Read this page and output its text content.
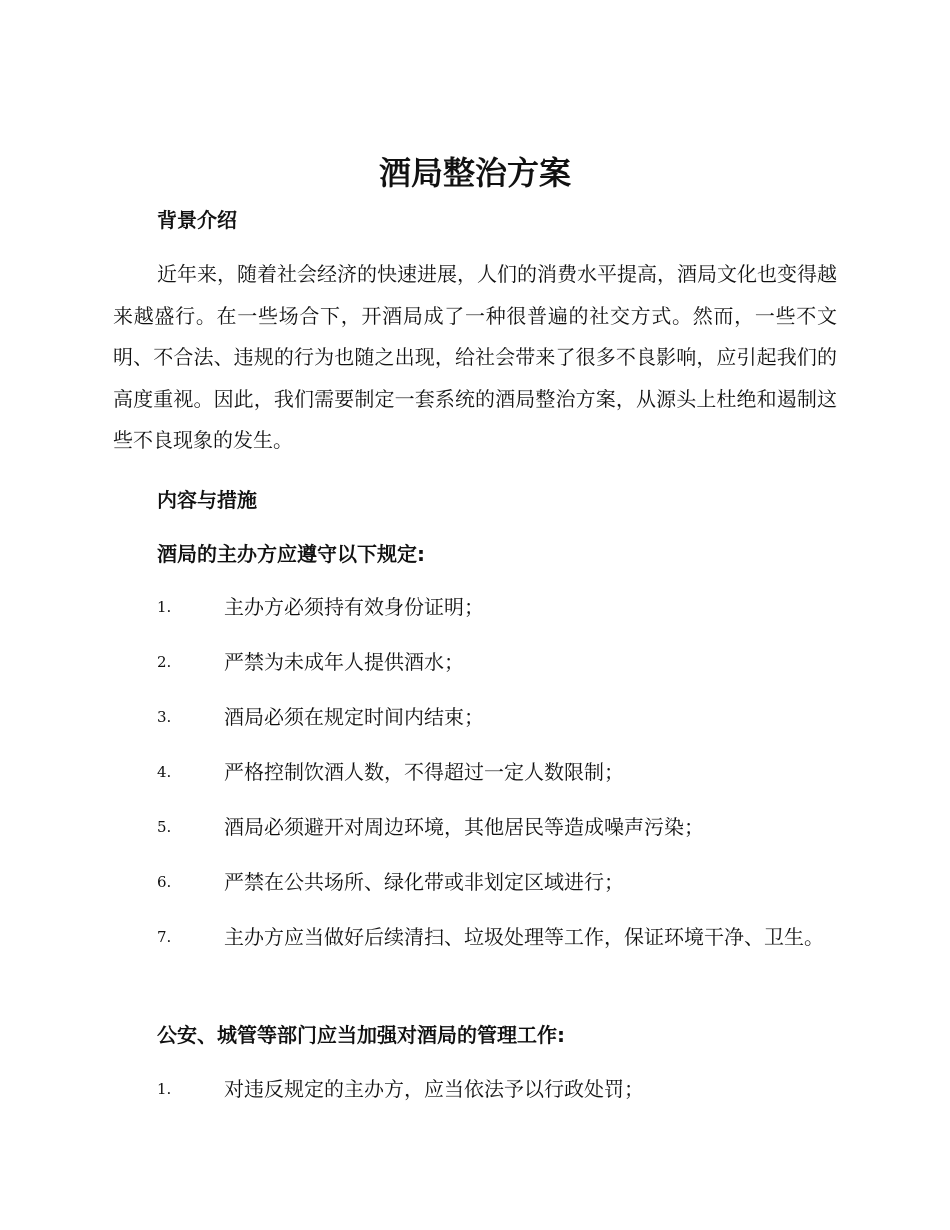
酒局整治方案
背景介绍

近年来，随着社会经济的快速进展，人们的消费水平提高，酒局文化也变得越来越盛行。在一些场合下，开酒局成了一种很普遍的社交方式。然而，一些不文明、不合法、违规的行为也随之出现，给社会带来了很多不良影响，应引起我们的高度重视。因此，我们需要制定一套系统的酒局整治方案，从源头上杜绝和遏制这些不良现象的发生。

内容与措施
酒局的主办方应遵守以下规定:
1.	主办方必须持有效身份证明；
2.	严禁为未成年人提供酒水；
3.	酒局必须在规定时间内结束；
4.	严格控制饮酒人数，不得超过一定人数限制；
5.	酒局必须避开对周边环境，其他居民等造成噪声污染；
6.	严禁在公共场所、绿化带或非划定区域进行；
7.	主办方应当做好后续清扫、垃圾处理等工作，保证环境干净、卫生。
公安、城管等部门应当加强对酒局的管理工作:
1.	对违反规定的主办方，应当依法予以行政处罚；
